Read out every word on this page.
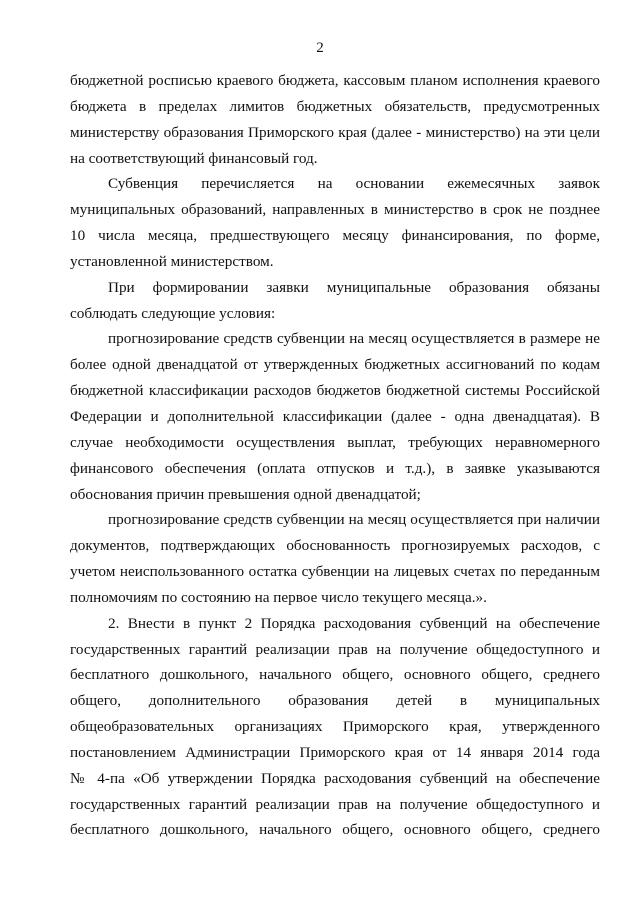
2
бюджетной росписью краевого бюджета, кассовым планом исполнения краевого
бюджета в пределах лимитов бюджетных обязательств, предусмотренных
министерству образования Приморского края (далее - министерство) на эти цели
на соответствующий финансовый год.
Субвенция перечисляется на основании ежемесячных заявок
муниципальных образований, направленных в министерство в срок не позднее
10 числа месяца, предшествующего месяцу финансирования, по форме,
установленной министерством.
При формировании заявки муниципальные образования обязаны
соблюдать следующие условия:
прогнозирование средств субвенции на месяц осуществляется в размере не
более одной двенадцатой от утвержденных бюджетных ассигнований по кодам
бюджетной классификации расходов бюджетов бюджетной системы Российской
Федерации и дополнительной классификации (далее - одна двенадцатая). В
случае необходимости осуществления выплат, требующих неравномерного
финансового обеспечения (оплата отпусков и т.д.), в заявке указываются
обоснования причин превышения одной двенадцатой;
прогнозирование средств субвенции на месяц осуществляется при наличии
документов, подтверждающих обоснованность прогнозируемых расходов, с
учетом неиспользованного остатка субвенции на лицевых счетах по переданным
полномочиям по состоянию на первое число текущего месяца.».
2. Внести в пункт 2 Порядка расходования субвенций на обеспечение
государственных гарантий реализации прав на получение общедоступного и
бесплатного дошкольного, начального общего, основного общего, среднего
общего, дополнительного образования детей в муниципальных
общеобразовательных организациях Приморского края, утвержденного
постановлением Администрации Приморского края от 14 января 2014 года
№ 4-па «Об утверждении Порядка расходования субвенций на обеспечение
государственных гарантий реализации прав на получение общедоступного и
бесплатного дошкольного, начального общего, основного общего, среднего
